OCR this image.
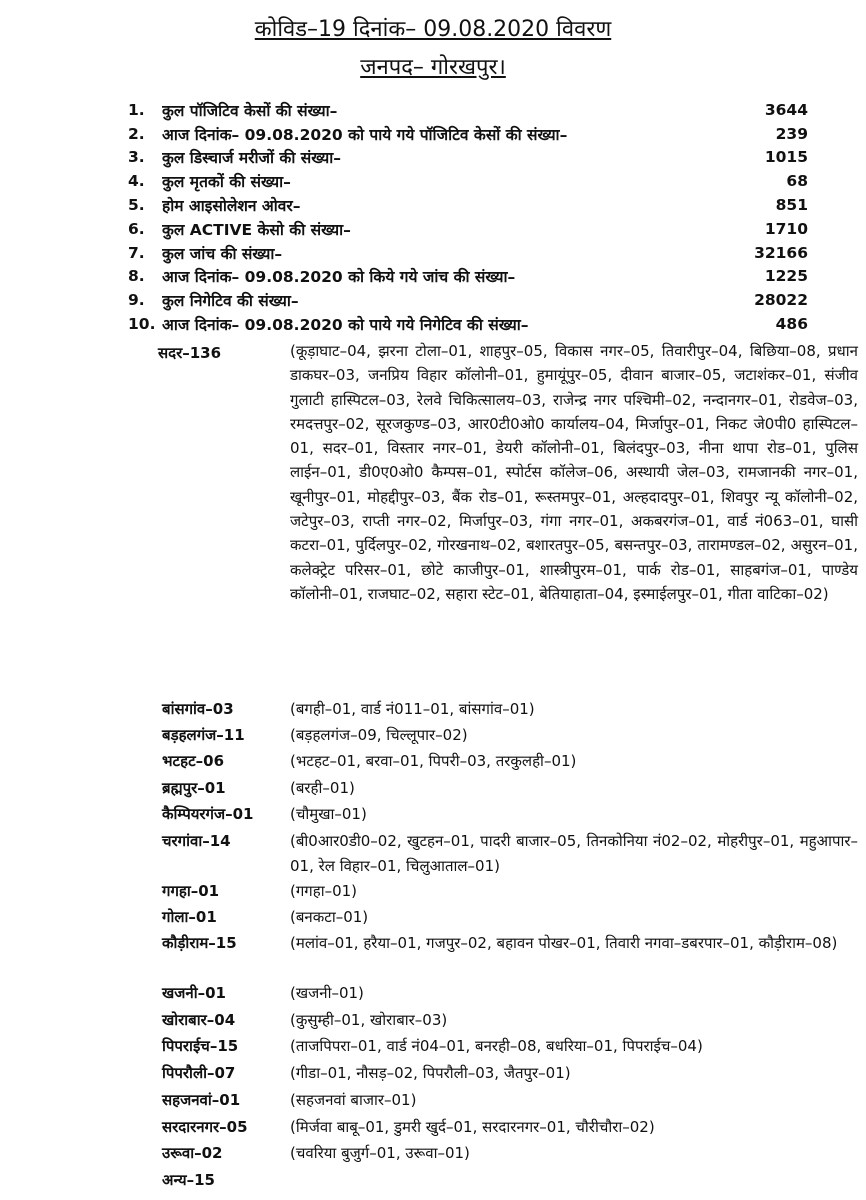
कोविड–19 दिनांक– 09.08.2020 विवरण
जनपद– गोरखपुर।
1.	कुल पॉजिटिव केसों की संख्या–	3644
2.	आज दिनांक– 09.08.2020 को पाये गये पॉजिटिव केसों की संख्या–	239
3.	कुल डिस्चार्ज मरीजों की संख्या–	1015
4.	कुल मृतकों की संख्या–	68
5.	होम आइसोलेशन ओवर–	851
6.	कुल ACTIVE केसो की संख्या–	1710
7.	कुल जांच की संख्या–	32166
8.	आज दिनांक– 09.08.2020 को किये गये जांच की संख्या–	1225
9.	कुल निगेटिव की संख्या–	28022
10. आज दिनांक– 09.08.2020 को पाये गये निगेटिव की संख्या–	486
सदर–136	(कूड़ाघाट–04, झरना टोला–01, शाहपुर–05, विकास नगर–05, तिवारीपुर–04, बिछिया–08, प्रधान डाकघर–03, जनप्रिय विहार कॉलोनी–01, हुमायूंपुर–05, दीवान बाजार–05, जटाशंकर–01, संजीव गुलाटी हास्पिटल–03, रेलवे चिकित्सालय–03, राजेन्द्र नगर पश्चिमी–02, नन्दानगर–01, रोडवेज–03, रमदत्तपुर–02, सूरजकुण्ड–03, आर0टी0ओ0 कार्यालय–04, मिर्जापुर–01, निकट जे0पी0 हास्पिटल–01, सदर–01, विस्तार नगर–01, डेयरी कॉलोनी–01, बिलंदपुर–03, नीना थापा रोड–01, पुलिस लाईन–01, डी0ए0ओ0 कैम्पस–01, स्पोर्टस कॉलेज–06, अस्थायी जेल–03, रामजानकी नगर–01, खूनीपुर–01, मोहद्दीपुर–03, बैंक रोड–01, रूस्तमपुर–01, अल्हदादपुर–01, शिवपुर न्यू कॉलोनी–02, जटेपुर–03, राप्ती नगर–02, मिर्जापुर–03, गंगा नगर–01, अकबरगंज–01, वार्ड नं063–01, घासी कटरा–01, पुर्दिलपुर–02, गोरखनाथ–02, बशारतपुर–05, बसन्तपुर–03, तारामण्डल–02, असुरन–01, कलेक्ट्रेट परिसर–01, छोटे काजीपुर–01, शास्त्रीपुरम–01, पार्क रोड–01, साहबगंज–01, पाण्डेय कॉलोनी–01, राजघाट–02, सहारा स्टेट–01, बेतियाहाता–04, इस्माईलपुर–01, गीता वाटिका–02)
बांसगांव–03	(बगही–01, वार्ड नं011–01, बांसगांव–01)
बड़हलगंज–11	(बड़हलगंज–09, चिल्लूपार–02)
भटहट–06	(भटहट–01, बरवा–01, पिपरी–03, तरकुलही–01)
ब्रह्मपुर–01	(बरही–01)
कैम्पियरगंज–01	(चौमुखा–01)
चरगांवा–14	(बी0आर0डी0–02, खुटहन–01, पादरी बाजार–05, तिनकोनिया नं02–02, मोहरीपुर–01, महुआपार–01, रेल विहार–01, चिलुआताल–01)
गगहा–01	(गगहा–01)
गोला–01	(बनकटा–01)
कौड़ीराम–15	(मलांव–01, हरैया–01, गजपुर–02, बहावन पोखर–01, तिवारी नगवा–डबरपार–01, कौड़ीराम–08)
खजनी–01	(खजनी–01)
खोराबार–04	(कुसुम्ही–01, खोराबार–03)
पिपराईच–15	(ताजपिपरा–01, वार्ड नं04–01, बनरही–08, बधरिया–01, पिपराईच–04)
पिपरौली–07	(गीडा–01, नौसड़–02, पिपरौली–03, जैतपुर–01)
सहजनवां–01	(सहजनवां बाजार–01)
सरदारनगर–05	(मिर्जवा बाबू–01, डुमरी खुर्द–01, सरदारनगर–01, चौरीचौरा–02)
उरूवा–02	(चवरिया बुजुर्ग–01, उरूवा–01)
अन्य–15
